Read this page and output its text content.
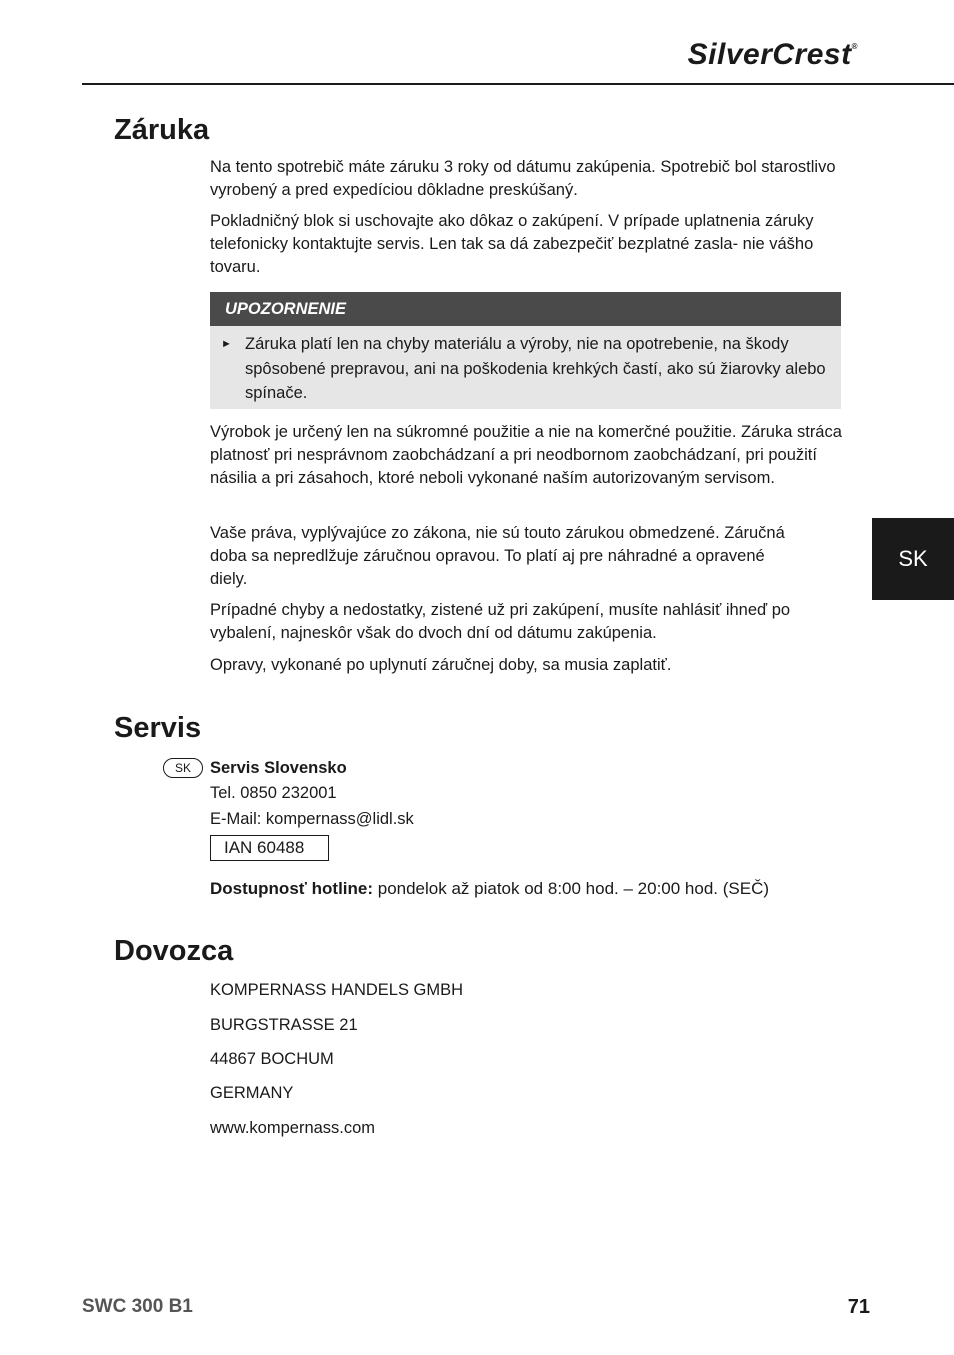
SilverCrest®
Záruka

Na tento spotrebič máte záruku 3 roky od dátumu zakúpenia. Spotrebič bol starostlivo vyrobený a pred expedíciou dôkladne preskúšaný.

Pokladničný blok si uschovajte ako dôkaz o zakúpení. V prípade uplatnenia záruky telefonicky kontaktujte servis. Len tak sa dá zabezpečiť bezplatné zasla- nie vášho tovaru.

UPOZORNENIE
► Záruka platí len na chyby materiálu a výroby, nie na opotrebenie, na škody spôsobené prepravou, ani na poškodenia krehkých častí, ako sú žiarovky alebo spínače.

Výrobok je určený len na súkromné použitie a nie na komerčné použitie. Záruka stráca platnosť pri nesprávnom zaobchádzaní a pri neodbornom zaobchádzaní, pri použití násilia a pri zásahoch, ktoré neboli vykonané naším autorizovaným servisom.

Vaše práva, vyplývajúce zo zákona, nie sú touto zárukou obmedzené. Záručná doba sa nepredlžuje záručnou opravou. To platí aj pre náhradné a opravené diely.

Prípadné chyby a nedostatky, zistené už pri zakúpení, musíte nahlásiť ihneď po vybalení, najneskôr však do dvoch dní od dátumu zakúpenia.

Opravy, vykonané po uplynutí záručnej doby, sa musia zaplatiť.

SK
Servis
SK	Servis Slovensko

Tel. 0850 232001

E-Mail: kompernass@lidl.sk

IAN 60488

Dostupnosť hotline: pondelok až piatok od 8:00 hod. – 20:00 hod. (SEČ)

Dovozca

KOMPERNASS HANDELS GMBH

BURGSTRASSE 21

44867 BOCHUM

GERMANY

www.kompernass.com

SWC 300 B1	71
